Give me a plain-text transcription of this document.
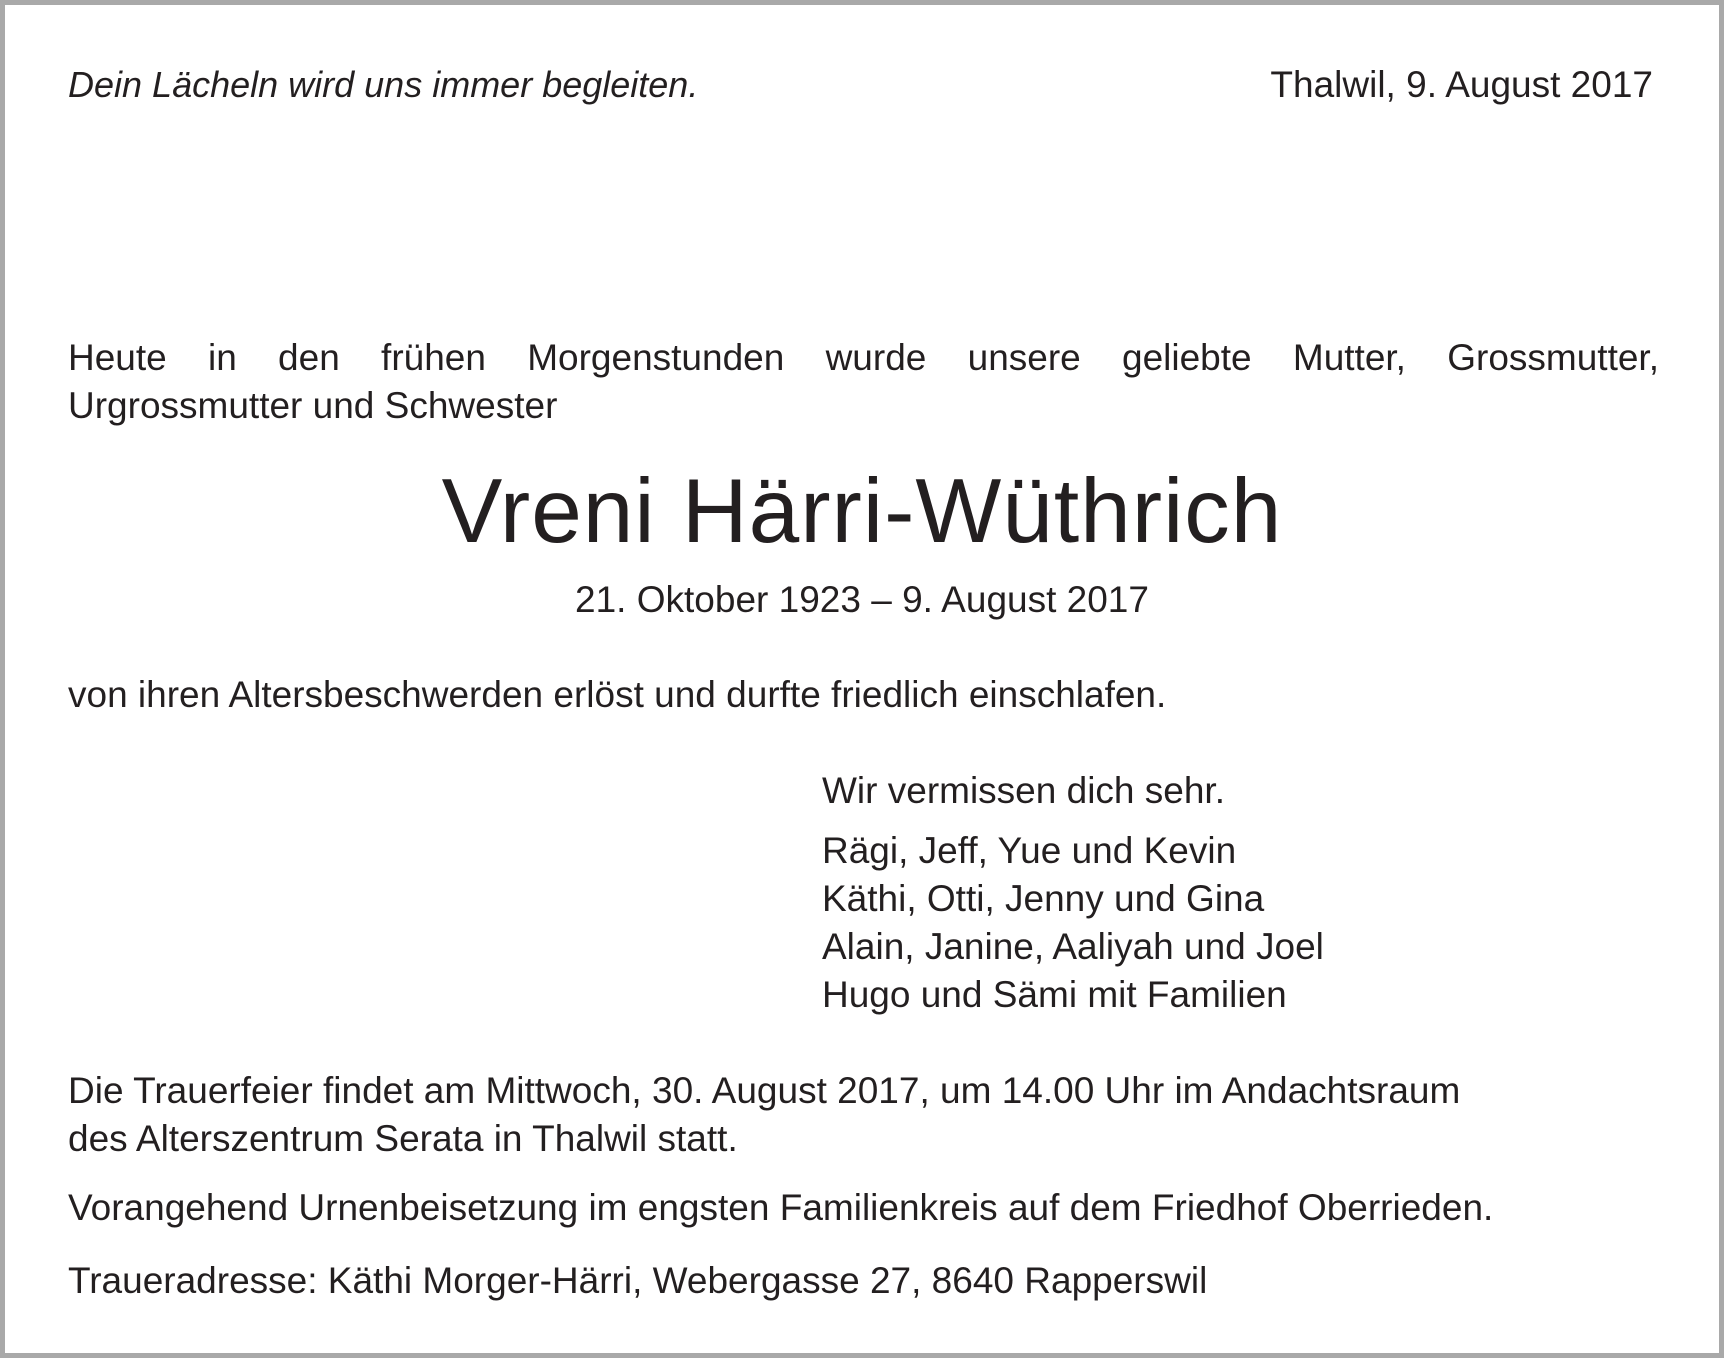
Dein Lächeln wird uns immer begleiten.	Thalwil, 9. August 2017
Heute in den frühen Morgenstunden wurde unsere geliebte Mutter, Grossmutter,
Urgrossmutter und Schwester
Vreni Härri-Wüthrich
21. Oktober 1923 – 9. August 2017
von ihren Altersbeschwerden erlöst und durfte friedlich einschlafen.
Wir vermissen dich sehr.
Rägi, Jeff, Yue und Kevin
Käthi, Otti, Jenny und Gina
Alain, Janine, Aaliyah und Joel
Hugo und Sämi mit Familien
Die Trauerfeier findet am Mittwoch, 30. August 2017, um 14.00 Uhr im Andachtsraum
des Alterszentrum Serata in Thalwil statt.
Vorangehend Urnenbeisetzung im engsten Familienkreis auf dem Friedhof Oberrieden.
Traueradresse: Käthi Morger-Härri, Webergasse 27, 8640 Rapperswil
